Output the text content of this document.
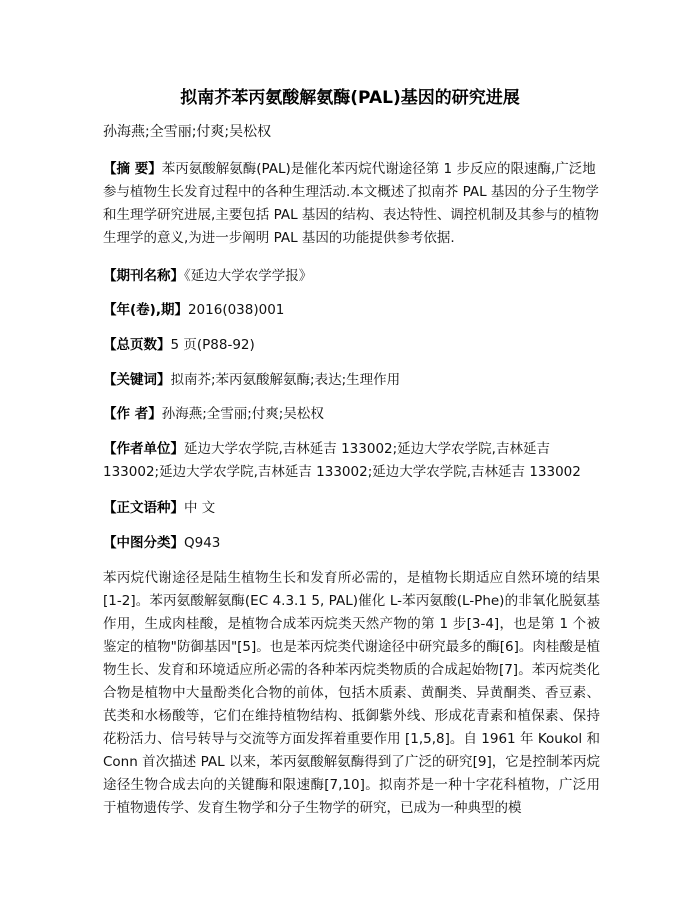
拟南芥苯丙氨酸解氨酶(PAL)基因的研究进展

孙海燕;全雪丽;付爽;吴松权

【摘 要】苯丙氨酸解氨酶(PAL)是催化苯丙烷代谢途径第 1 步反应的限速酶,广泛地参与植物生长发育过程中的各种生理活动.本文概述了拟南芥 PAL 基因的分子生物学和生理学研究进展,主要包括 PAL 基因的结构、表达特性、调控机制及其参与的植物生理学的意义,为进一步阐明 PAL 基因的功能提供参考依据.

【期刊名称】《延边大学农学学报》

【年(卷),期】2016(038)001

【总页数】5 页(P88-92)

【关键词】拟南芥;苯丙氨酸解氨酶;表达;生理作用

【作 者】孙海燕;全雪丽;付爽;吴松权

【作者单位】延边大学农学院,吉林延吉 133002;延边大学农学院,吉林延吉 133002;延边大学农学院,吉林延吉 133002;延边大学农学院,吉林延吉 133002

【正文语种】中 文

【中图分类】Q943

苯丙烷代谢途径是陆生植物生长和发育所必需的，是植物长期适应自然环境的结果[1-2]。苯丙氨酸解氨酶(EC 4.3.1 5, PAL)催化 L-苯丙氨酸(L-Phe)的非氧化脱氨基作用，生成肉桂酸，是植物合成苯丙烷类天然产物的第 1 步[3-4]，也是第 1 个被鉴定的植物"防御基因"[5]。也是苯丙烷类代谢途径中研究最多的酶[6]。肉桂酸是植物生长、发育和环境适应所必需的各种苯丙烷类物质的合成起始物[7]。苯丙烷类化合物是植物中大量酚类化合物的前体，包括木质素、黄酮类、异黄酮类、香豆素、芪类和水杨酸等，它们在维持植物结构、抵御紫外线、形成花青素和植保素、保持花粉活力、信号转导与交流等方面发挥着重要作用 [1,5,8]。自 1961 年 Koukol 和 Conn 首次描述 PAL 以来，苯丙氨酸解氨酶得到了广泛的研究[9]，它是控制苯丙烷途径生物合成去向的关键酶和限速酶[7,10]。拟南芥是一种十字花科植物，广泛用于植物遗传学、发育生物学和分子生物学的研究，已成为一种典型的模
